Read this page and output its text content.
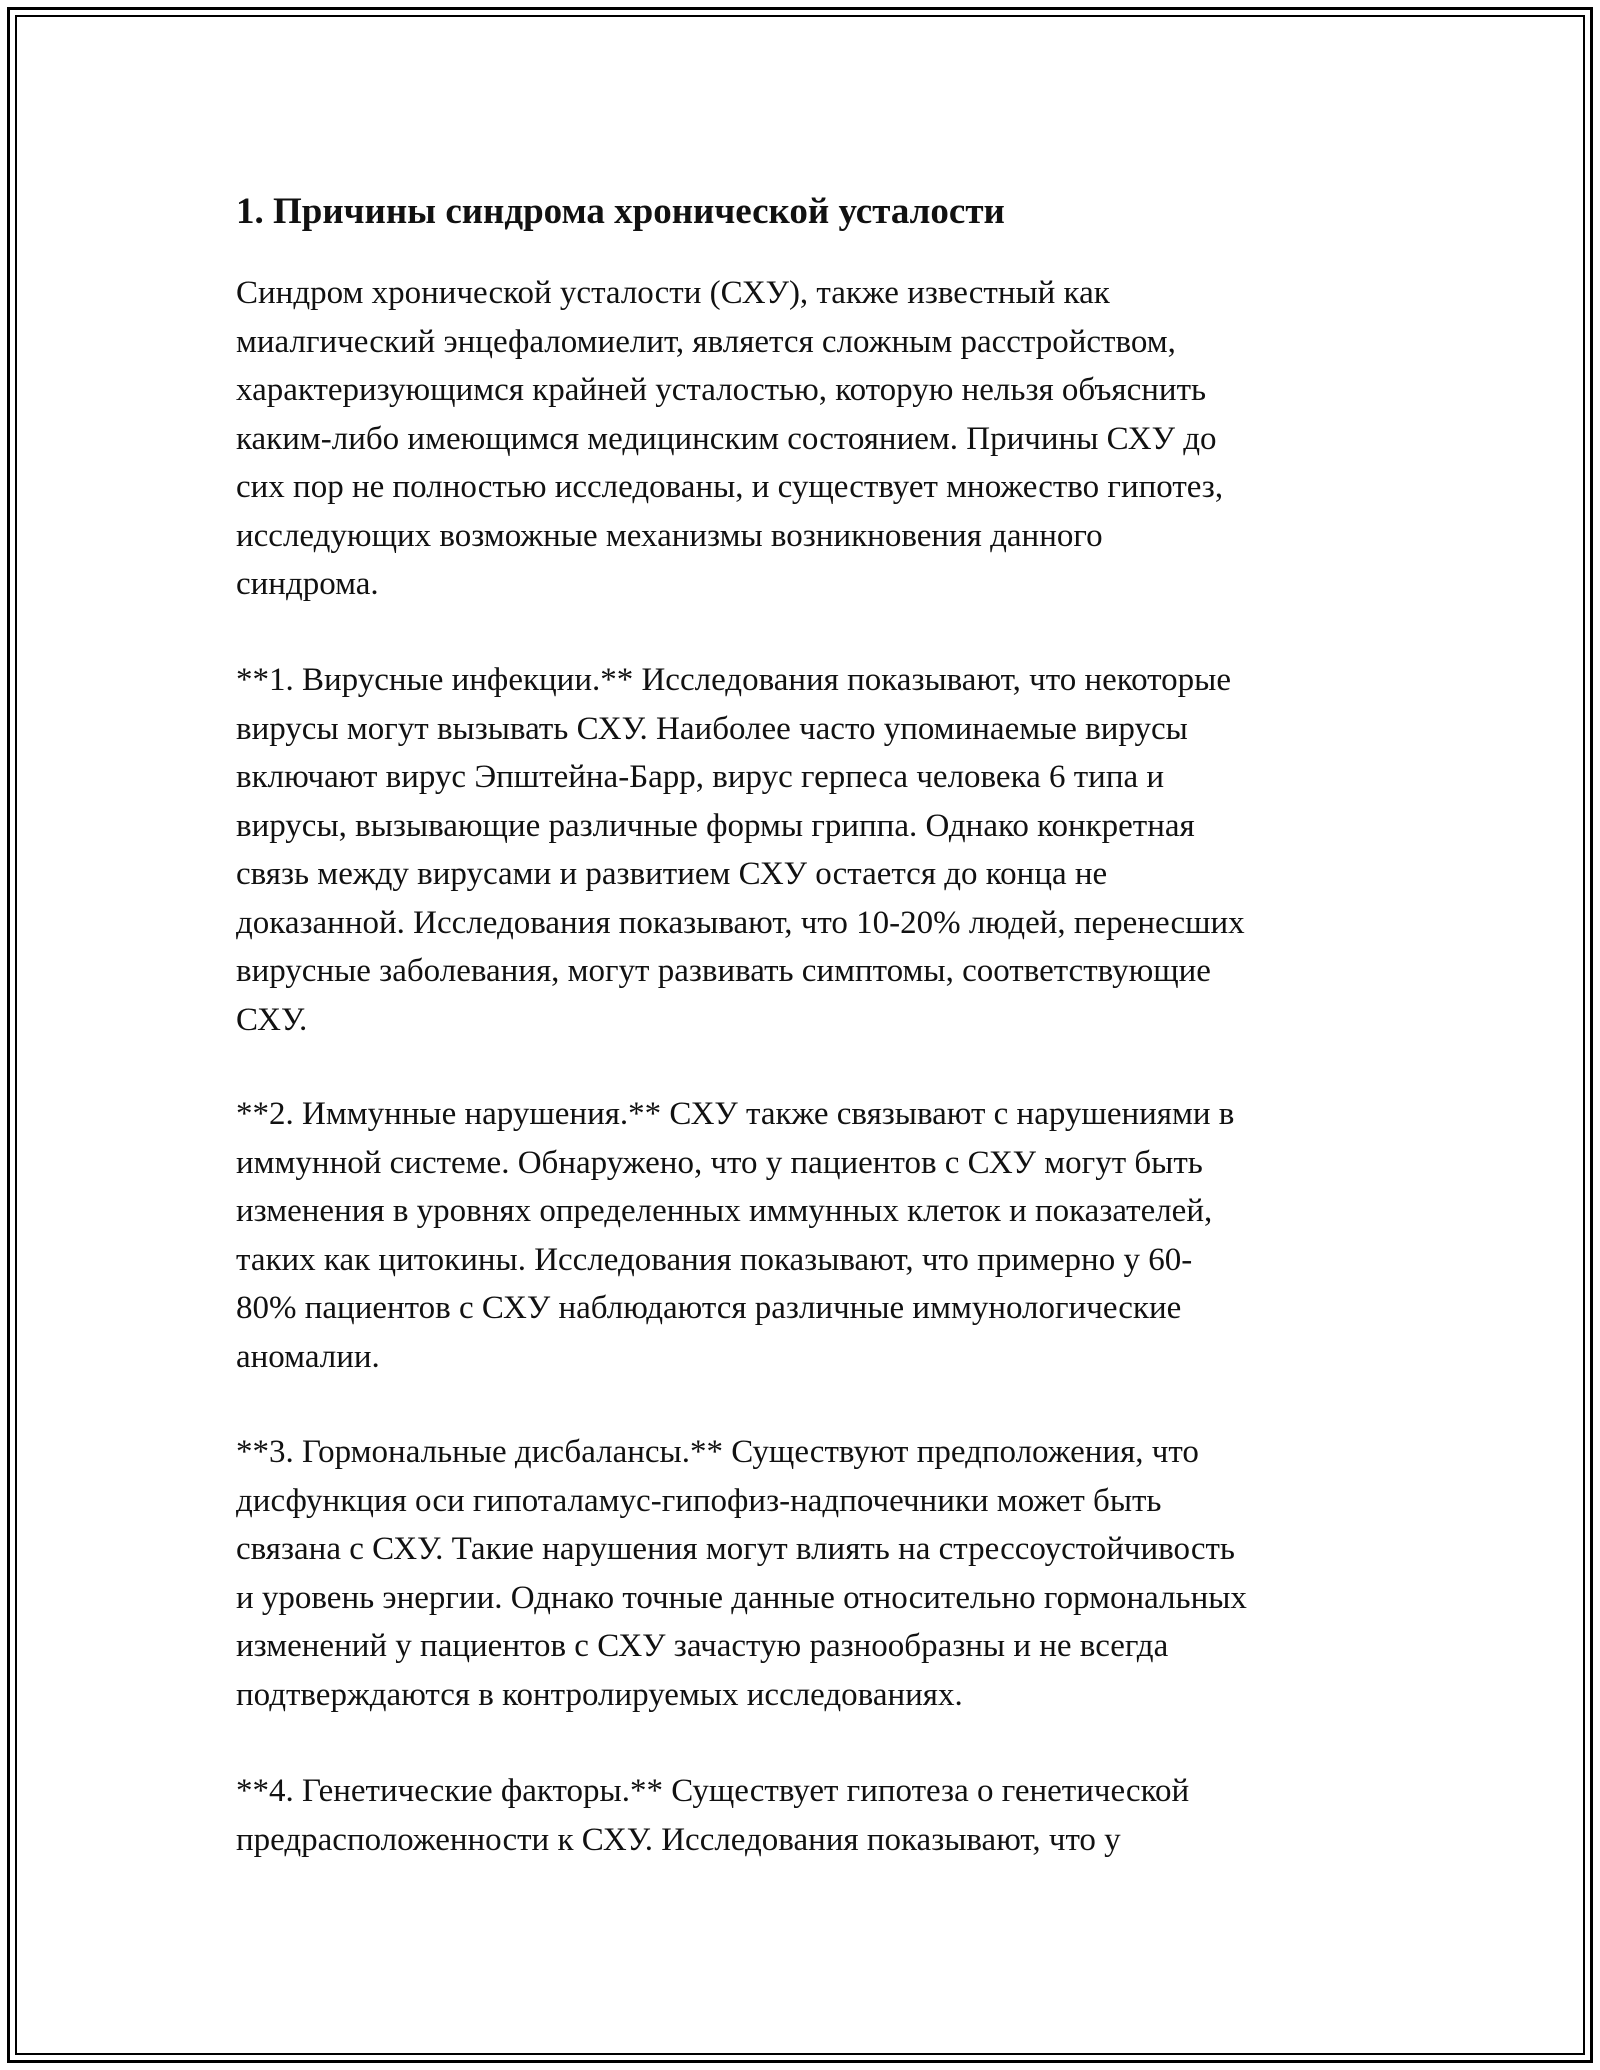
1. Причины синдрома хронической усталости

Синдром хронической усталости (СХУ), также известный как
миалгический энцефаломиелит, является сложным расстройством,
характеризующимся крайней усталостью, которую нельзя объяснить
каким-либо имеющимся медицинским состоянием. Причины СХУ до
сих пор не полностью исследованы, и существует множество гипотез,
исследующих возможные механизмы возникновения данного
синдрома.

**1. Вирусные инфекции.** Исследования показывают, что некоторые
вирусы могут вызывать СХУ. Наиболее часто упоминаемые вирусы
включают вирус Эпштейна-Барр, вирус герпеса человека 6 типа и
вирусы, вызывающие различные формы гриппа. Однако конкретная
связь между вирусами и развитием СХУ остается до конца не
доказанной. Исследования показывают, что 10-20% людей, перенесших
вирусные заболевания, могут развивать симптомы, соответствующие
СХУ.

**2. Иммунные нарушения.** СХУ также связывают с нарушениями в
иммунной системе. Обнаружено, что у пациентов с СХУ могут быть
изменения в уровнях определенных иммунных клеток и показателей,
таких как цитокины. Исследования показывают, что примерно у 60-
80% пациентов с СХУ наблюдаются различные иммунологические
аномалии.

**3. Гормональные дисбалансы.** Существуют предположения, что
дисфункция оси гипоталамус-гипофиз-надпочечники может быть
связана с СХУ. Такие нарушения могут влиять на стрессоустойчивость
и уровень энергии. Однако точные данные относительно гормональных
изменений у пациентов с СХУ зачастую разнообразны и не всегда
подтверждаются в контролируемых исследованиях.

**4. Генетические факторы.** Существует гипотеза о генетической
предрасположенности к СХУ. Исследования показывают, что у
